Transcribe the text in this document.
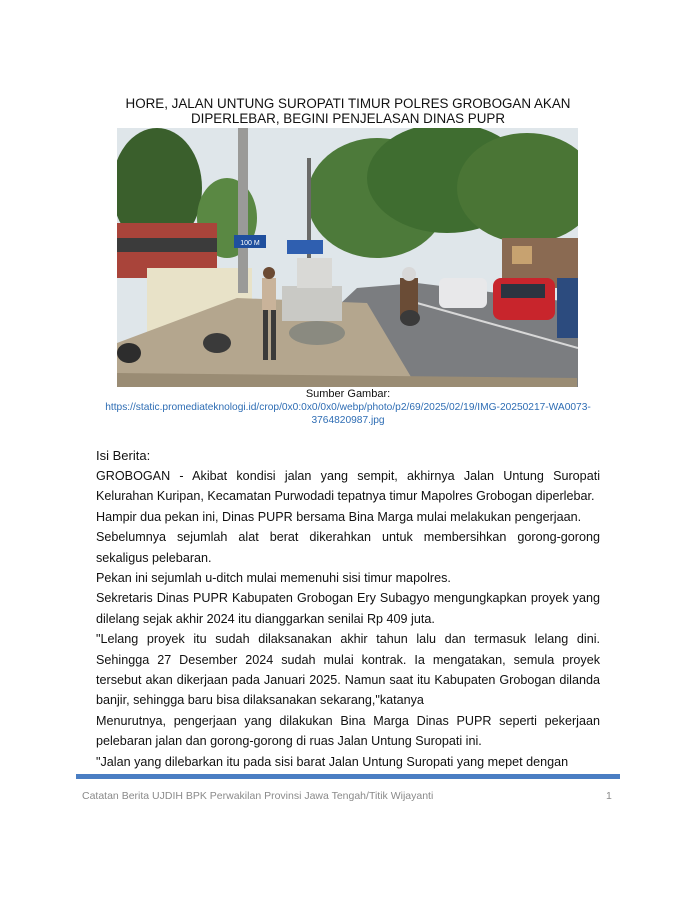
HORE, JALAN UNTUNG SUROPATI TIMUR POLRES GROBOGAN AKAN DIPERLEBAR, BEGINI PENJELASAN DINAS PUPR
100 M
Sumber Gambar:
https://static.promediateknologi.id/crop/0x0:0x0/0x0/webp/photo/p2/69/2025/02/19/IMG-20250217-WA0073-3764820987.jpg
Isi Berita:

GROBOGAN - Akibat kondisi jalan yang sempit, akhirnya Jalan Untung Suropati Kelurahan Kuripan, Kecamatan Purwodadi tepatnya timur Mapolres Grobogan diperlebar.

Hampir dua pekan ini, Dinas PUPR bersama Bina Marga mulai melakukan pengerjaan.

Sebelumnya sejumlah alat berat dikerahkan untuk membersihkan gorong-gorong sekaligus pelebaran.

Pekan ini sejumlah u-ditch mulai memenuhi sisi timur mapolres.

Sekretaris Dinas PUPR Kabupaten Grobogan Ery Subagyo mengungkapkan proyek yang dilelang sejak akhir 2024 itu dianggarkan senilai Rp 409 juta.

"Lelang proyek itu sudah dilaksanakan akhir tahun lalu dan termasuk lelang dini. Sehingga 27 Desember 2024 sudah mulai kontrak. Ia mengatakan, semula proyek tersebut akan dikerjaan pada Januari 2025. Namun saat itu Kabupaten Grobogan dilanda banjir, sehingga baru bisa dilaksanakan sekarang,"katanya

Menurutnya, pengerjaan yang dilakukan Bina Marga Dinas PUPR seperti pekerjaan pelebaran jalan dan gorong-gorong di ruas Jalan Untung Suropati ini.

"Jalan yang dilebarkan itu pada sisi barat Jalan Untung Suropati yang mepet dengan

Catatan Berita UJDIH BPK Perwakilan Provinsi Jawa Tengah/Titik Wijayanti	1
